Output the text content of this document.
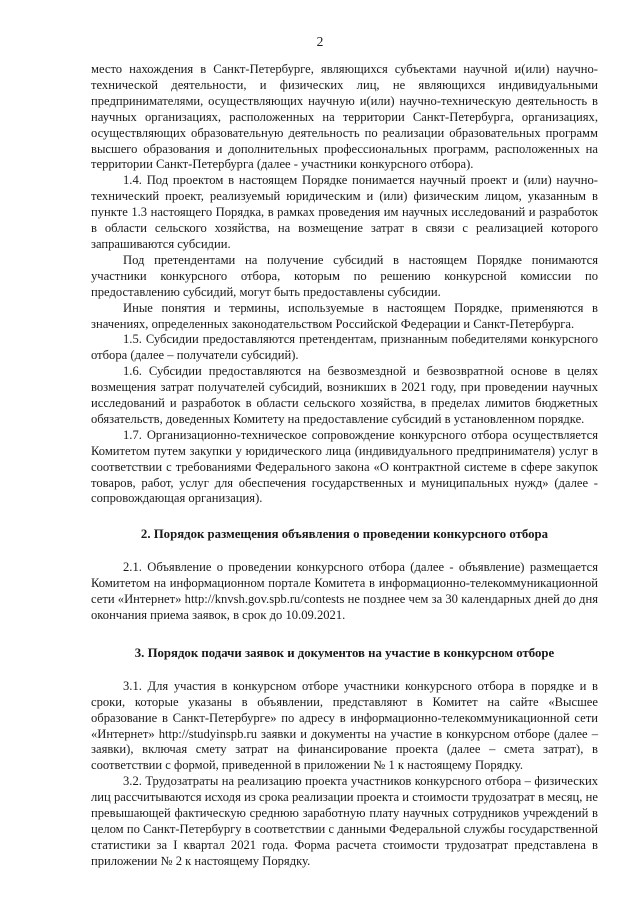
2

место нахождения в Санкт-Петербурге, являющихся субъектами научной и(или) научно-технической деятельности, и физических лиц, не являющихся индивидуальными предпринимателями, осуществляющих научную и(или) научно-техническую деятельность в научных организациях, расположенных на территории Санкт-Петербурга, организациях, осуществляющих образовательную деятельность по реализации образовательных программ высшего образования и дополнительных профессиональных программ, расположенных на территории Санкт-Петербурга (далее - участники конкурсного отбора).

1.4. Под проектом в настоящем Порядке понимается научный проект и (или) научно-технический проект, реализуемый юридическим и (или) физическим лицом, указанным в пункте 1.3 настоящего Порядка, в рамках проведения им научных исследований и разработок в области сельского хозяйства, на возмещение затрат в связи с реализацией которого запрашиваются субсидии.

Под претендентами на получение субсидий в настоящем Порядке понимаются участники конкурсного отбора, которым по решению конкурсной комиссии по предоставлению субсидий, могут быть предоставлены субсидии.

Иные понятия и термины, используемые в настоящем Порядке, применяются в значениях, определенных законодательством Российской Федерации и Санкт-Петербурга.

1.5. Субсидии предоставляются претендентам, признанным победителями конкурсного отбора (далее – получатели субсидий).

1.6. Субсидии предоставляются на безвозмездной и безвозвратной основе в целях возмещения затрат получателей субсидий, возникших в 2021 году, при проведении научных исследований и разработок в области сельского хозяйства, в пределах лимитов бюджетных обязательств, доведенных Комитету на предоставление субсидий в установленном порядке.

1.7. Организационно-техническое сопровождение конкурсного отбора осуществляется Комитетом путем закупки у юридического лица (индивидуального предпринимателя) услуг в соответствии с требованиями Федерального закона «О контрактной системе в сфере закупок товаров, работ, услуг для обеспечения государственных и муниципальных нужд» (далее - сопровождающая организация).

2. Порядок размещения объявления о проведении конкурсного отбора

2.1. Объявление о проведении конкурсного отбора (далее - объявление) размещается Комитетом на информационном портале Комитета в информационно-телекоммуникационной сети «Интернет» http://knvsh.gov.spb.ru/contests не позднее чем за 30 календарных дней до дня окончания приема заявок, в срок до 10.09.2021.

3. Порядок подачи заявок и документов на участие в конкурсном отборе

3.1. Для участия в конкурсном отборе участники конкурсного отбора в порядке и в сроки, которые указаны в объявлении, представляют в Комитет на сайте «Высшее образование в Санкт-Петербурге» по адресу в информационно-телекоммуникационной сети «Интернет» http://studyinspb.ru заявки и документы на участие в конкурсном отборе (далее – заявки), включая смету затрат на финансирование проекта (далее – смета затрат), в соответствии с формой, приведенной в приложении № 1 к настоящему Порядку.

3.2. Трудозатраты на реализацию проекта участников конкурсного отбора – физических лиц рассчитываются исходя из срока реализации проекта и стоимости трудозатрат в месяц, не превышающей фактическую среднюю заработную плату научных сотрудников учреждений в целом по Санкт-Петербургу в соответствии с данными Федеральной службы государственной статистики за I квартал 2021 года. Форма расчета стоимости трудозатрат представлена в приложении № 2 к настоящему Порядку.
